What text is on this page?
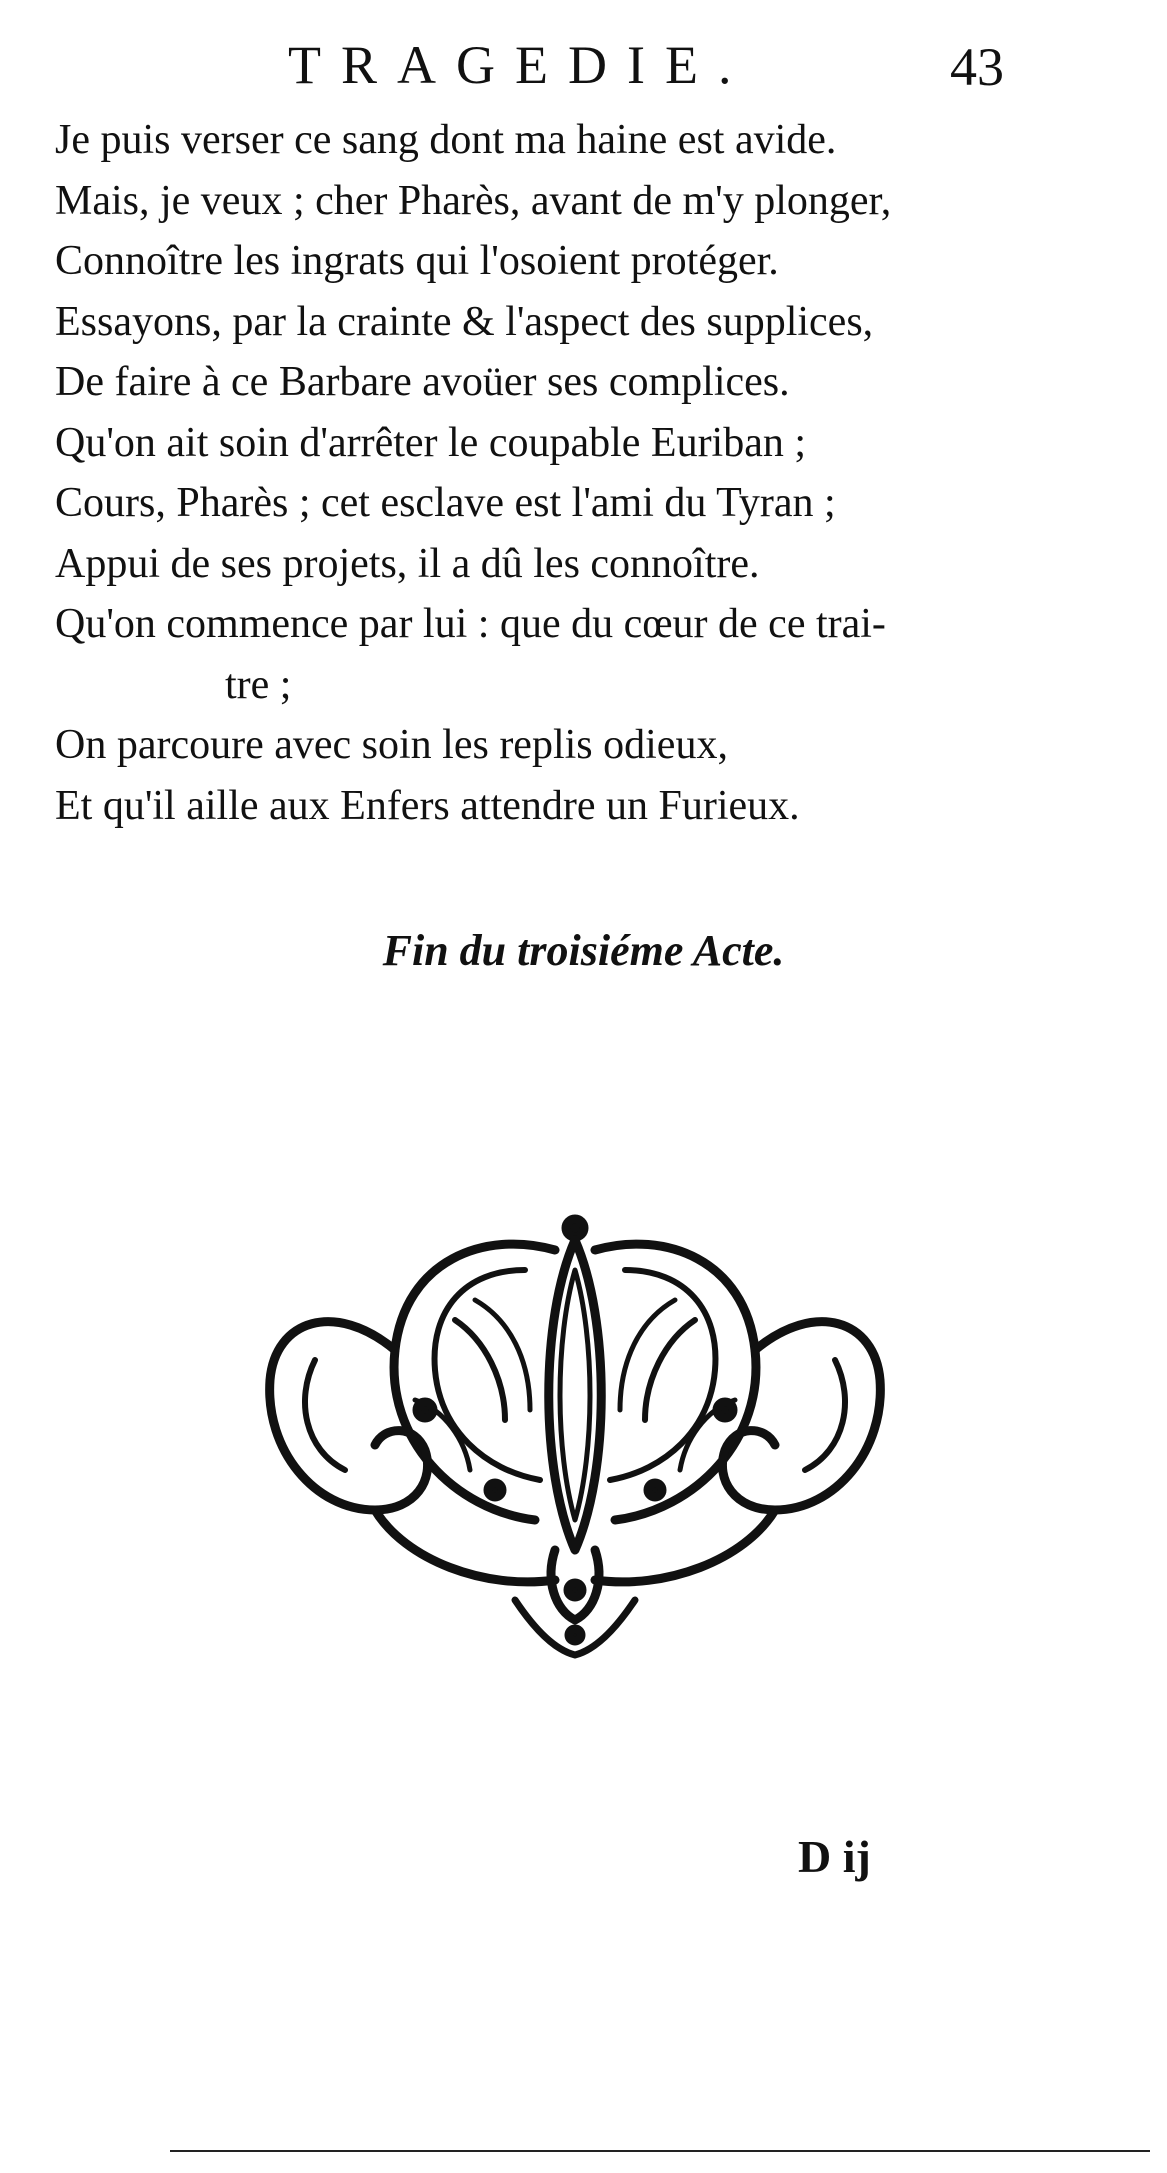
TRAGEDIE.	43
Je puis verser ce sang dont ma haine est avide.
Mais, je veux ; cher Pharès, avant de m'y plonger,
Connoître les ingrats qui l'osoient protéger.
Essayons, par la crainte & l'aspect des supplices,
De faire à ce Barbare avoüer ses complices.
Qu'on ait soin d'arrêter le coupable Euriban ;
Cours, Pharès ; cet esclave est l'ami du Tyran ;
Appui de ses projets, il a dû les connoître.
Qu'on commence par lui : que du cœur de ce trai-
tre ;
On parcoure avec soin les replis odieux,
Et qu'il aille aux Enfers attendre un Furieux.
Fin du troisiéme Acte.
D ij
